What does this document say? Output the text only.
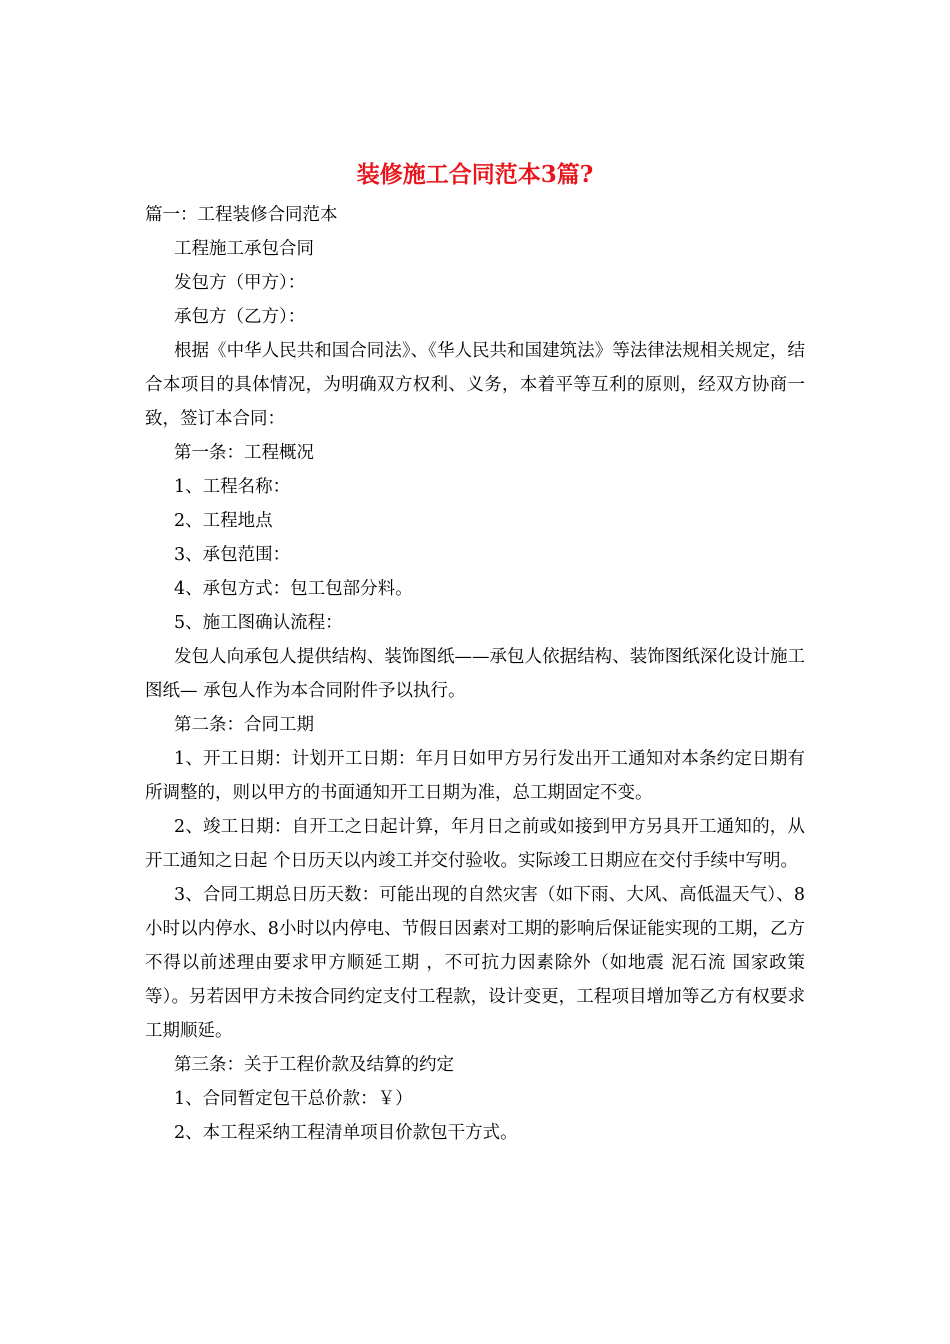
装修施工合同范本3篇?

篇一：工程装修合同范本

工程施工承包合同

发包方（甲方）：

承包方（乙方）：

根据《中华人民共和国合同法》、《华人民共和国建筑法》等法律法规相关规定，结合本项目的具体情况，为明确双方权利、义务，本着平等互利的原则，经双方协商一致，签订本合同：

第一条：工程概况

1、工程名称：

2、工程地点

3、承包范围：

4、承包方式：包工包部分料。

5、施工图确认流程：

发包人向承包人提供结构、装饰图纸——承包人依据结构、装饰图纸深化设计施工图纸— 承包人作为本合同附件予以执行。

第二条：合同工期

1、开工日期：计划开工日期：年月日如甲方另行发出开工通知对本条约定日期有所调整的，则以甲方的书面通知开工日期为准，总工期固定不变。

2、竣工日期：自开工之日起计算，年月日之前或如接到甲方另具开工通知的，从开工通知之日起 个日历天以内竣工并交付验收。实际竣工日期应在交付手续中写明。

3、合同工期总日历天数：可能出现的自然灾害（如下雨、大风、高低温天气）、8小时以内停水、8小时以内停电、节假日因素对工期的影响后保证能实现的工期，乙方不得以前述理由要求甲方顺延工期 ，不可抗力因素除外（如地震 泥石流 国家政策等）。另若因甲方未按合同约定支付工程款，设计变更，工程项目增加等乙方有权要求工期顺延。

第三条：关于工程价款及结算的约定

1、合同暂定包干总价款：￥）

2、本工程采纳工程清单项目价款包干方式。
